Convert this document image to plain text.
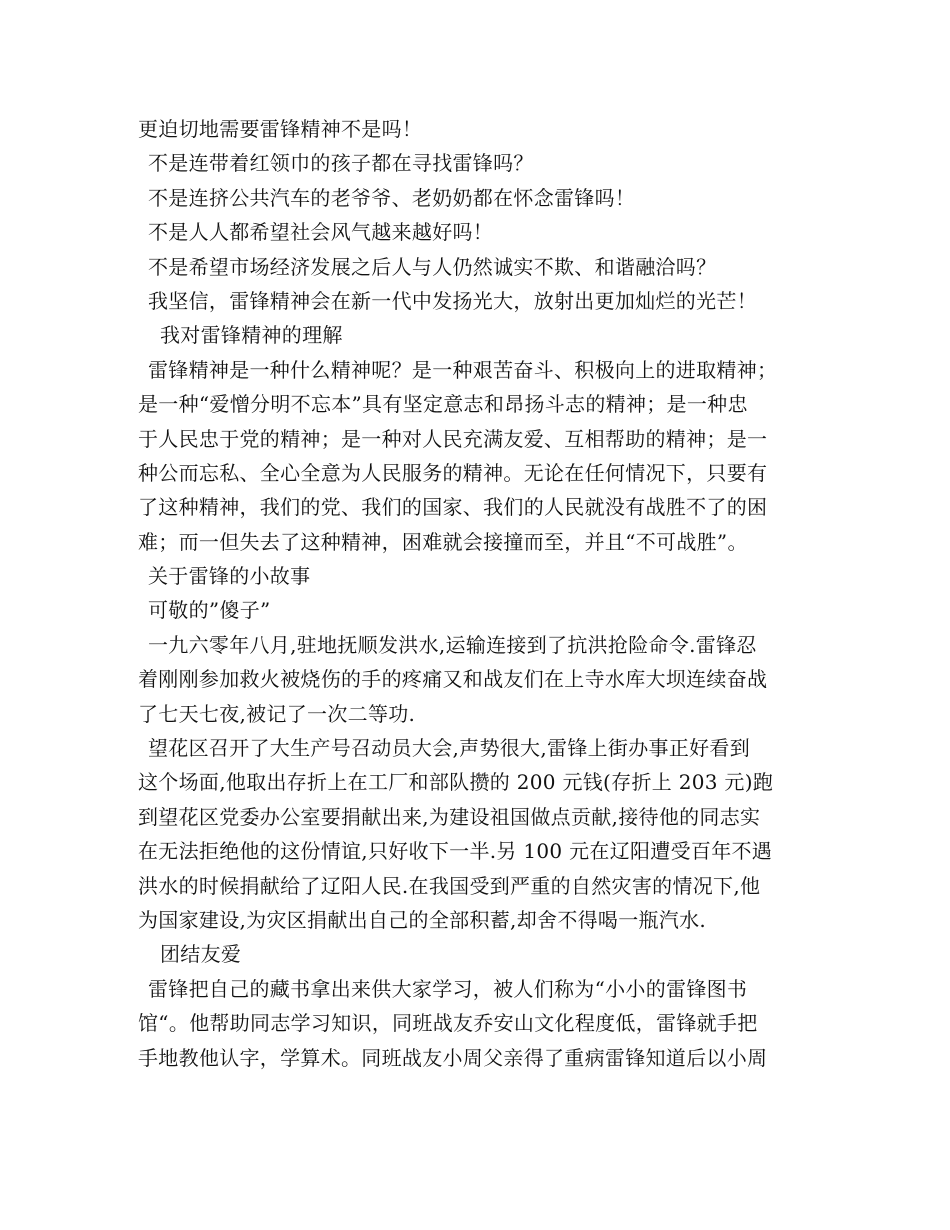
更迫切地需要雷锋精神不是吗！
不是连带着红领巾的孩子都在寻找雷锋吗？
不是连挤公共汽车的老爷爷、老奶奶都在怀念雷锋吗！
不是人人都希望社会风气越来越好吗！
不是希望市场经济发展之后人与人仍然诚实不欺、和谐融洽吗？
我坚信，雷锋精神会在新一代中发扬光大，放射出更加灿烂的光芒！
我对雷锋精神的理解
雷锋精神是一种什么精神呢？是一种艰苦奋斗、积极向上的进取精神；
是一种“爱憎分明不忘本”具有坚定意志和昂扬斗志的精神；是一种忠
于人民忠于党的精神；是一种对人民充满友爱、互相帮助的精神；是一
种公而忘私、全心全意为人民服务的精神。无论在任何情况下，只要有
了这种精神，我们的党、我们的国家、我们的人民就没有战胜不了的困
难；而一但失去了这种精神，困难就会接撞而至，并且“不可战胜”。
关于雷锋的小故事
可敬的”傻子”
一九六零年八月,驻地抚顺发洪水,运输连接到了抗洪抢险命令.雷锋忍
着刚刚参加救火被烧伤的手的疼痛又和战友们在上寺水库大坝连续奋战
了七天七夜,被记了一次二等功.
望花区召开了大生产号召动员大会,声势很大,雷锋上街办事正好看到
这个场面,他取出存折上在工厂和部队攒的 200 元钱(存折上 203 元)跑
到望花区党委办公室要捐献出来,为建设祖国做点贡献,接待他的同志实
在无法拒绝他的这份情谊,只好收下一半.另 100 元在辽阳遭受百年不遇
洪水的时候捐献给了辽阳人民.在我国受到严重的自然灾害的情况下,他
为国家建设,为灾区捐献出自己的全部积蓄,却舍不得喝一瓶汽水.
团结友爱
雷锋把自己的藏书拿出来供大家学习，被人们称为“小小的雷锋图书
馆“。他帮助同志学习知识，同班战友乔安山文化程度低，雷锋就手把
手地教他认字，学算术。同班战友小周父亲得了重病雷锋知道后以小周
